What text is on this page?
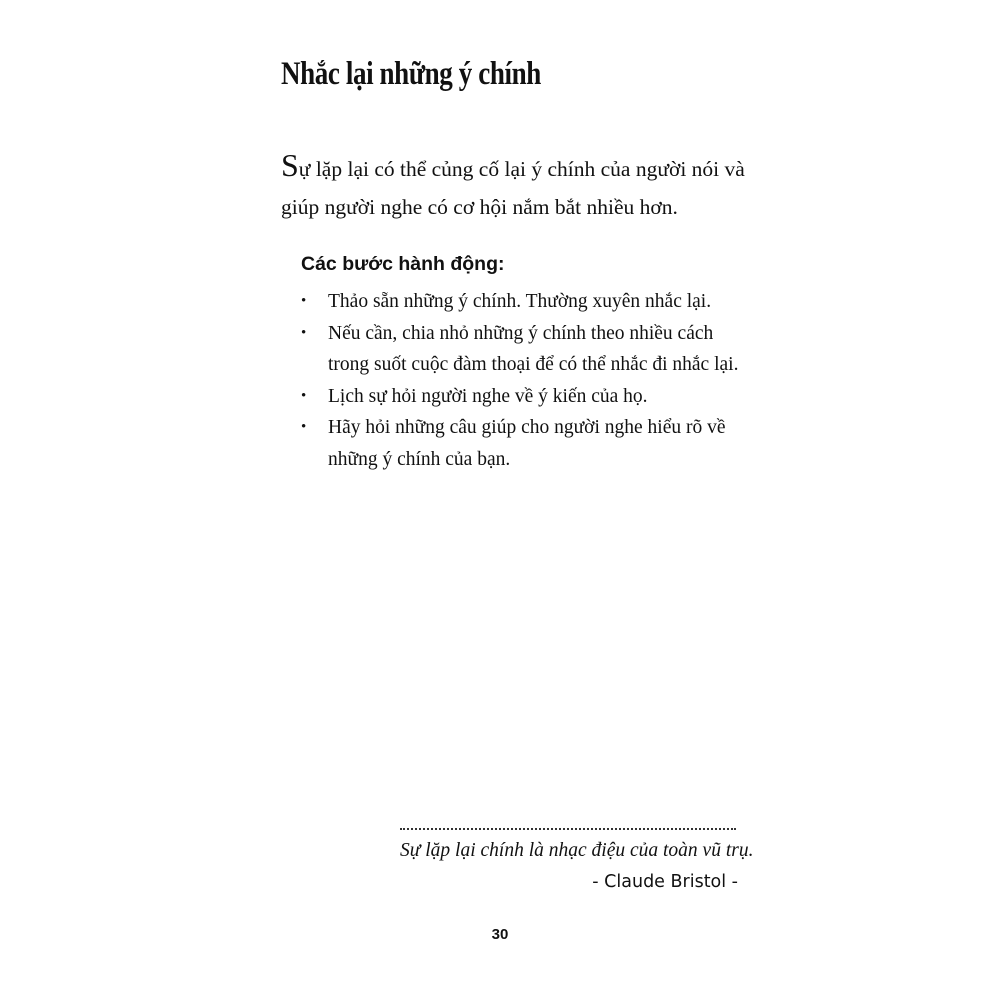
Nhắc lại những ý chính

Sự lặp lại có thể củng cố lại ý chính của người nói và giúp người nghe có cơ hội nắm bắt nhiều hơn.

Các bước hành động:
• Thảo sẵn những ý chính. Thường xuyên nhắc lại.
• Nếu cần, chia nhỏ những ý chính theo nhiều cách trong suốt cuộc đàm thoại để có thể nhắc đi nhắc lại.
• Lịch sự hỏi người nghe về ý kiến của họ.
• Hãy hỏi những câu giúp cho người nghe hiểu rõ về những ý chính của bạn.

Sự lặp lại chính là nhạc điệu của toàn vũ trụ.

- Claude Bristol -

30
